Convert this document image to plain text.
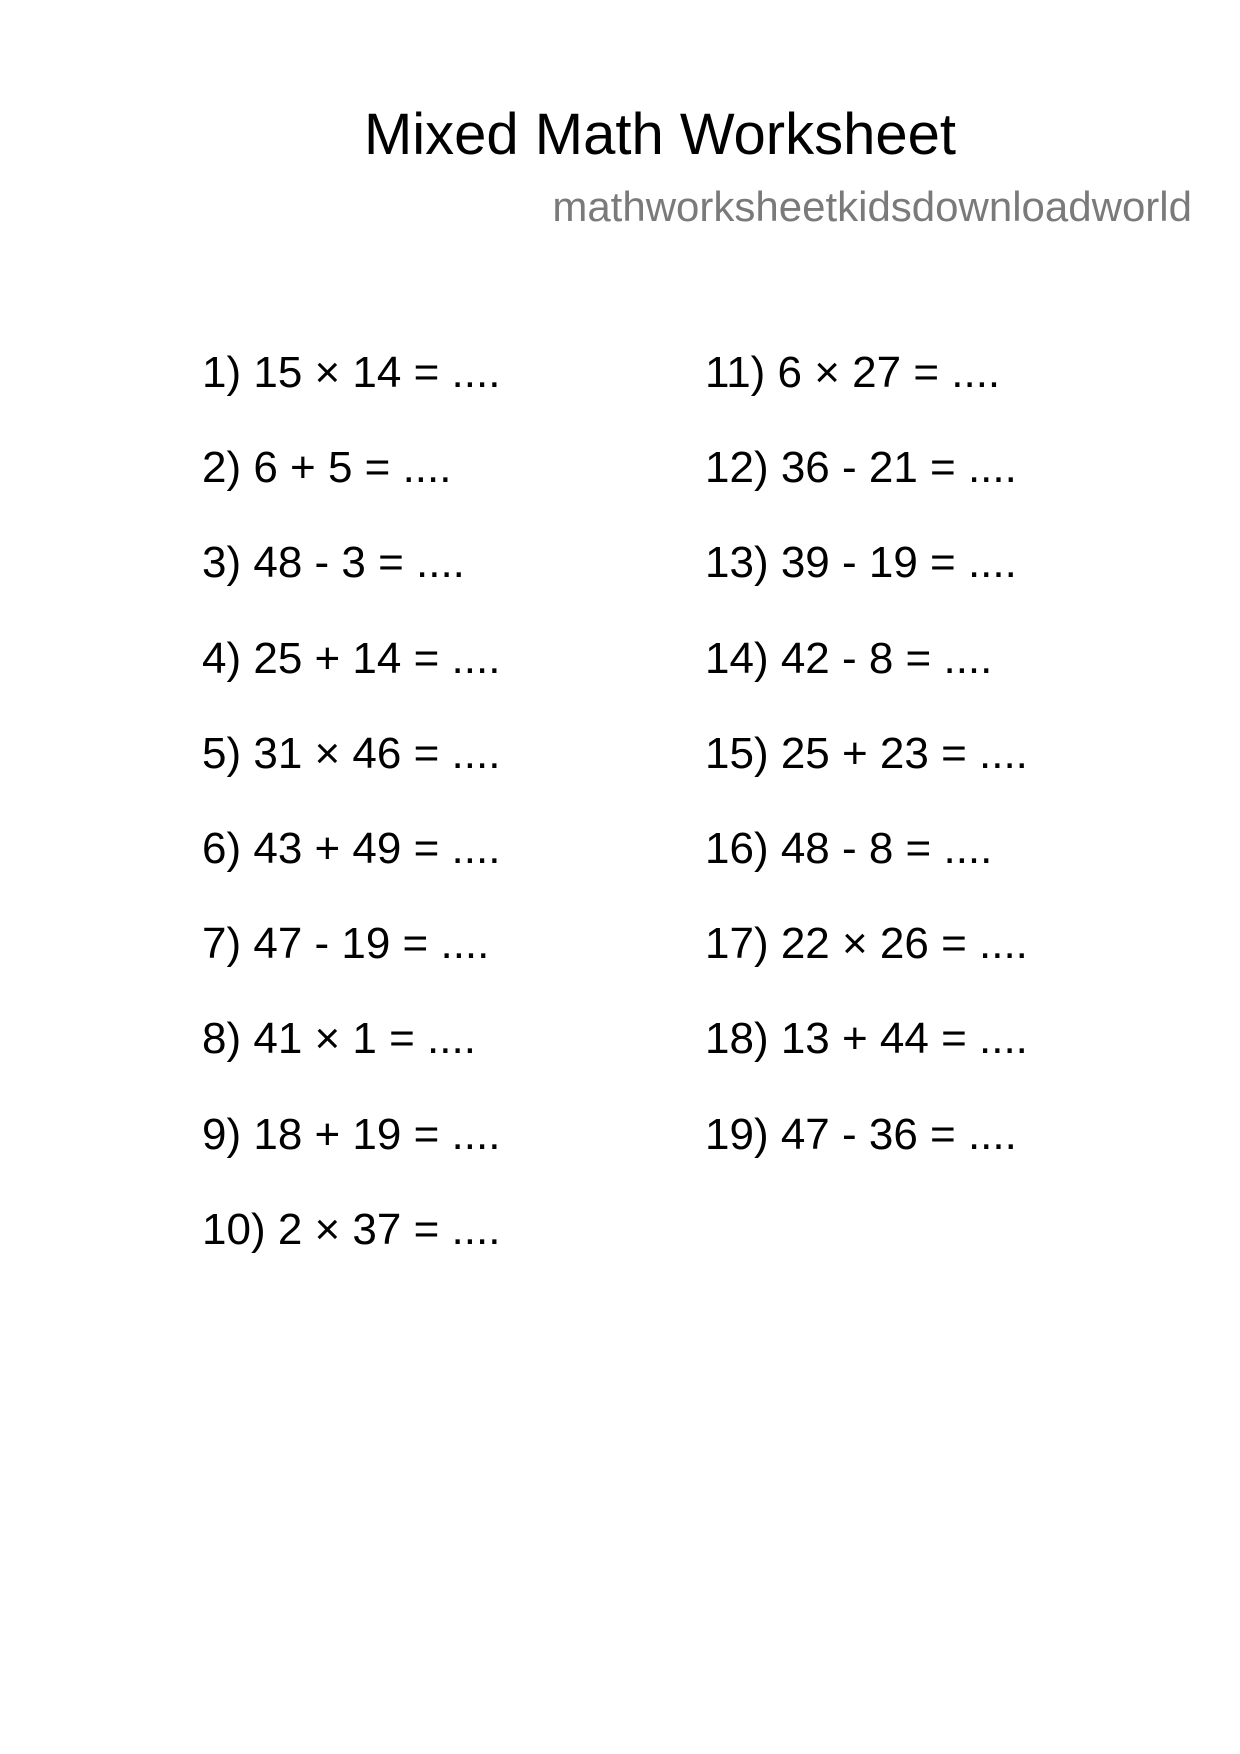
Mixed Math Worksheet
mathworksheetkidsdownloadworld
1) 15 × 14 = ....
2) 6 + 5 = ....
3) 48 - 3 = ....
4) 25 + 14 = ....
5) 31 × 46 = ....
6) 43 + 49 = ....
7) 47 - 19 = ....
8) 41 × 1 = ....
9) 18 + 19 = ....
10) 2 × 37 = ....
11) 6 × 27 = ....
12) 36 - 21 = ....
13) 39 - 19 = ....
14) 42 - 8 = ....
15) 25 + 23 = ....
16) 48 - 8 = ....
17) 22 × 26 = ....
18) 13 + 44 = ....
19) 47 - 36 = ....
